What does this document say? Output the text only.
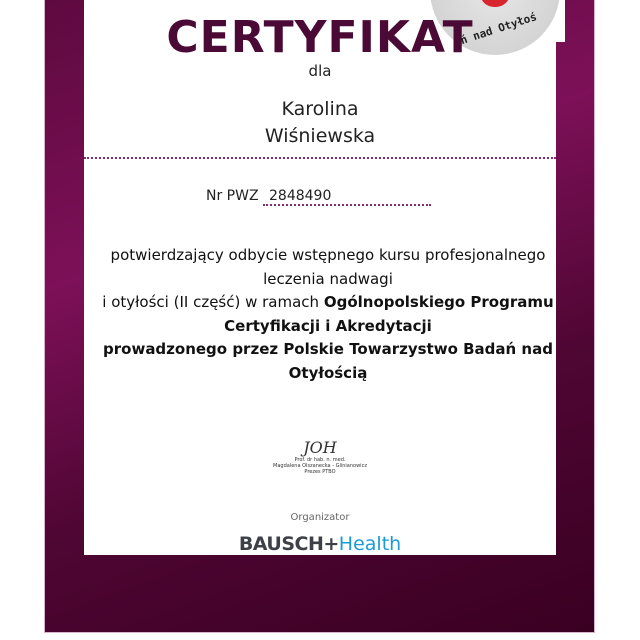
ań nad Otyłoś
CERTYFIKAT
dla
Karolina
Wiśniewska
Nr PWZ 2848490
potwierdzający odbycie wstępnego kursu profesjonalnego
leczenia nadwagi
i otyłości (II część) w ramach Ogólnopolskiego Programu
Certyfikacji i Akredytacji
prowadzonego przez Polskie Towarzystwo Badań nad
Otyłością
JOH
Prof. dr hab. n. med.
Magdalena Olszanecka - Glinianowicz
Prezes PTBO
Organizator
BAUSCH+Health
